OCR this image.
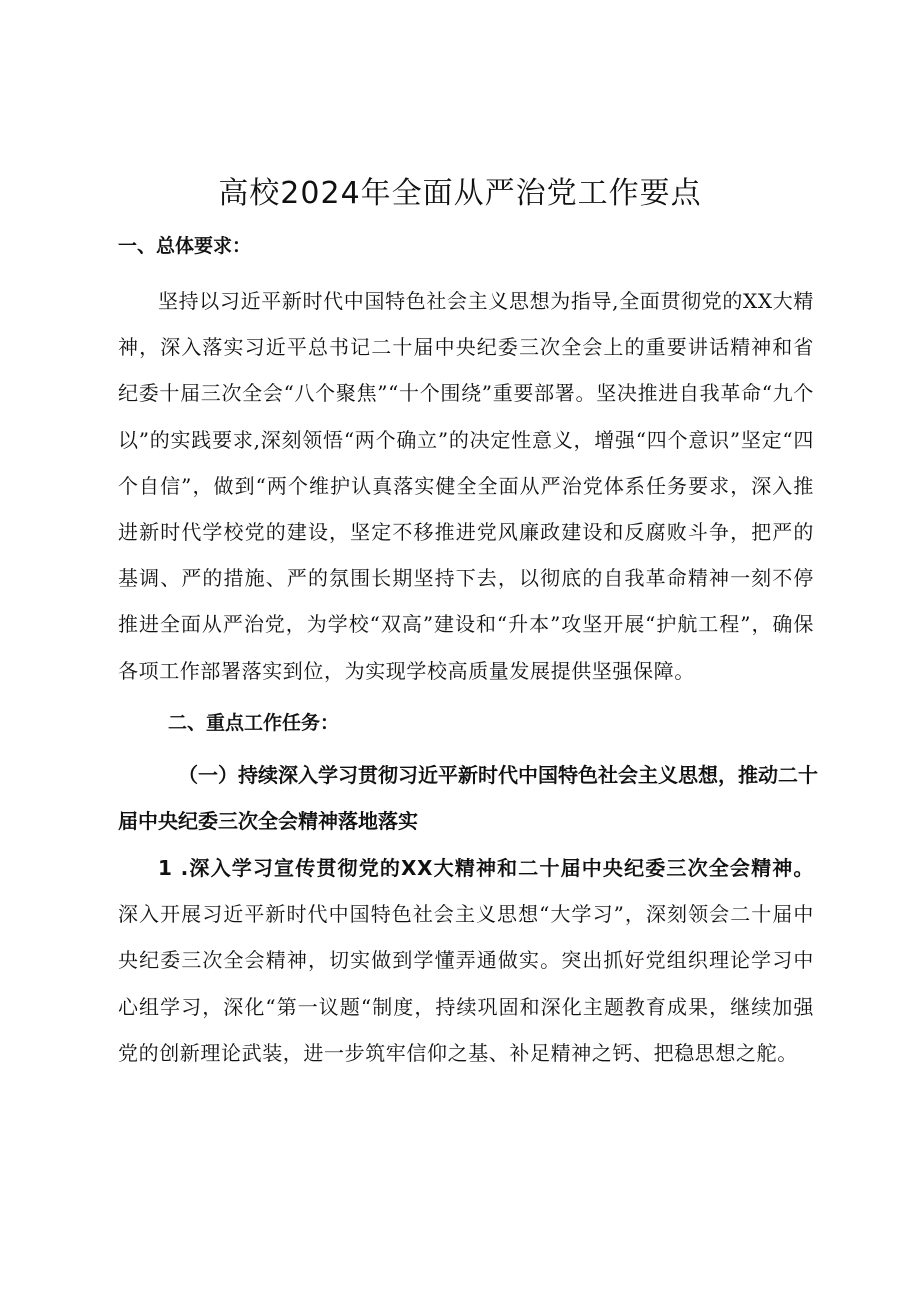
高校2024年全面从严治党工作要点
一、总体要求：

坚持以习近平新时代中国特色社会主义思想为指导,全面贯彻党的XX大精神，深入落实习近平总书记二十届中央纪委三次全会上的重要讲话精神和省纪委十届三次全会“八个聚焦”“十个围绕”重要部署。坚决推进自我革命“九个以”的实践要求,深刻领悟“两个确立”的决定性意义，增强“四个意识”坚定“四个自信”，做到“两个维护认真落实健全全面从严治党体系任务要求，深入推进新时代学校党的建设，坚定不移推进党风廉政建设和反腐败斗争，把严的基调、严的措施、严的氛围长期坚持下去，以彻底的自我革命精神一刻不停推进全面从严治党，为学校“双高”建设和“升本”攻坚开展“护航工程”，确保各项工作部署落实到位，为实现学校高质量发展提供坚强保障。

二、重点工作任务：

（一）持续深入学习贯彻习近平新时代中国特色社会主义思想，推动二十届中央纪委三次全会精神落地落实

1 .深入学习宣传贯彻党的XX大精神和二十届中央纪委三次全会精神。深入开展习近平新时代中国特色社会主义思想“大学习”，深刻领会二十届中央纪委三次全会精神，切实做到学懂弄通做实。突出抓好党组织理论学习中心组学习，深化“第一议题“制度，持续巩固和深化主题教育成果，继续加强党的创新理论武装，进一步筑牢信仰之基、补足精神之钙、把稳思想之舵。
